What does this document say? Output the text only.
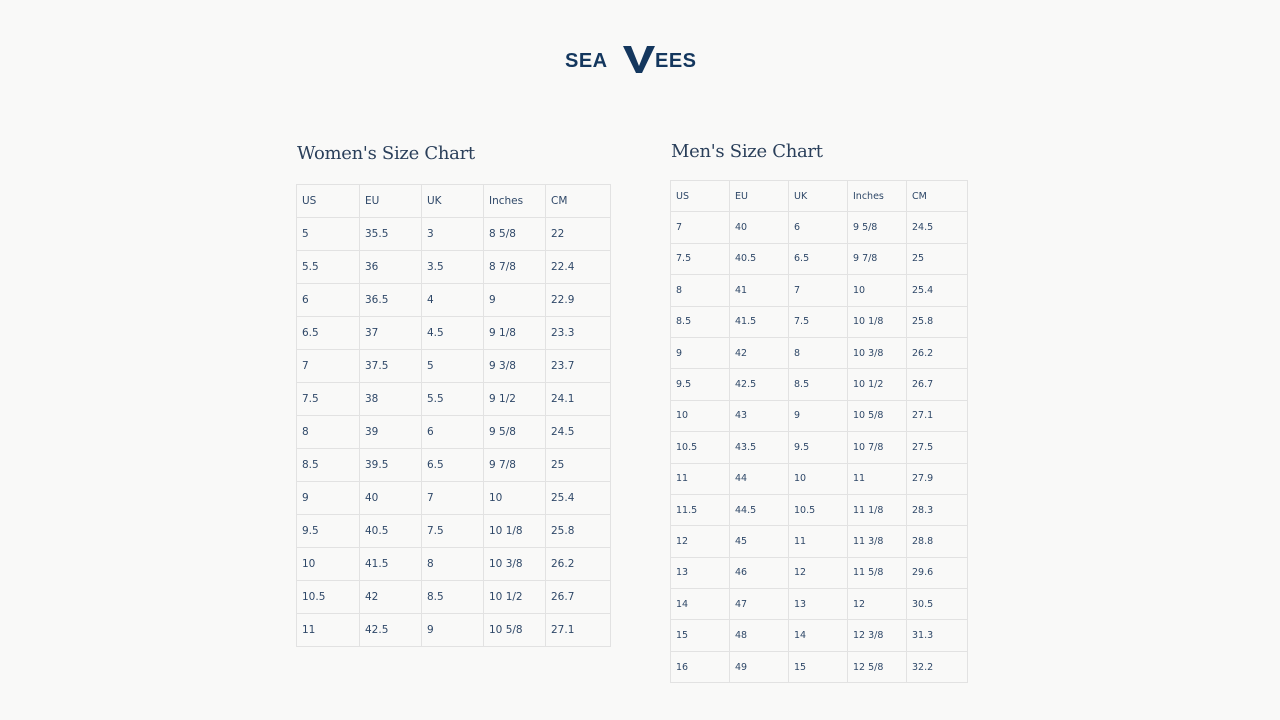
SEA EES
Women's Size Chart
US	EU	UK	Inches	CM
5	35.5	3	8 5/8	22
5.5	36	3.5	8 7/8	22.4
6	36.5	4	9	22.9
6.5	37	4.5	9 1/8	23.3
7	37.5	5	9 3/8	23.7
7.5	38	5.5	9 1/2	24.1
8	39	6	9 5/8	24.5
8.5	39.5	6.5	9 7/8	25
9	40	7	10	25.4
9.5	40.5	7.5	10 1/8	25.8
10	41.5	8	10 3/8	26.2
10.5	42	8.5	10 1/2	26.7
11	42.5	9	10 5/8	27.1
Men's Size Chart
US	EU	UK	Inches	CM
7	40	6	9 5/8	24.5
7.5	40.5	6.5	9 7/8	25
8	41	7	10	25.4
8.5	41.5	7.5	10 1/8	25.8
9	42	8	10 3/8	26.2
9.5	42.5	8.5	10 1/2	26.7
10	43	9	10 5/8	27.1
10.5	43.5	9.5	10 7/8	27.5
11	44	10	11	27.9
11.5	44.5	10.5	11 1/8	28.3
12	45	11	11 3/8	28.8
13	46	12	11 5/8	29.6
14	47	13	12	30.5
15	48	14	12 3/8	31.3
16	49	15	12 5/8	32.2
